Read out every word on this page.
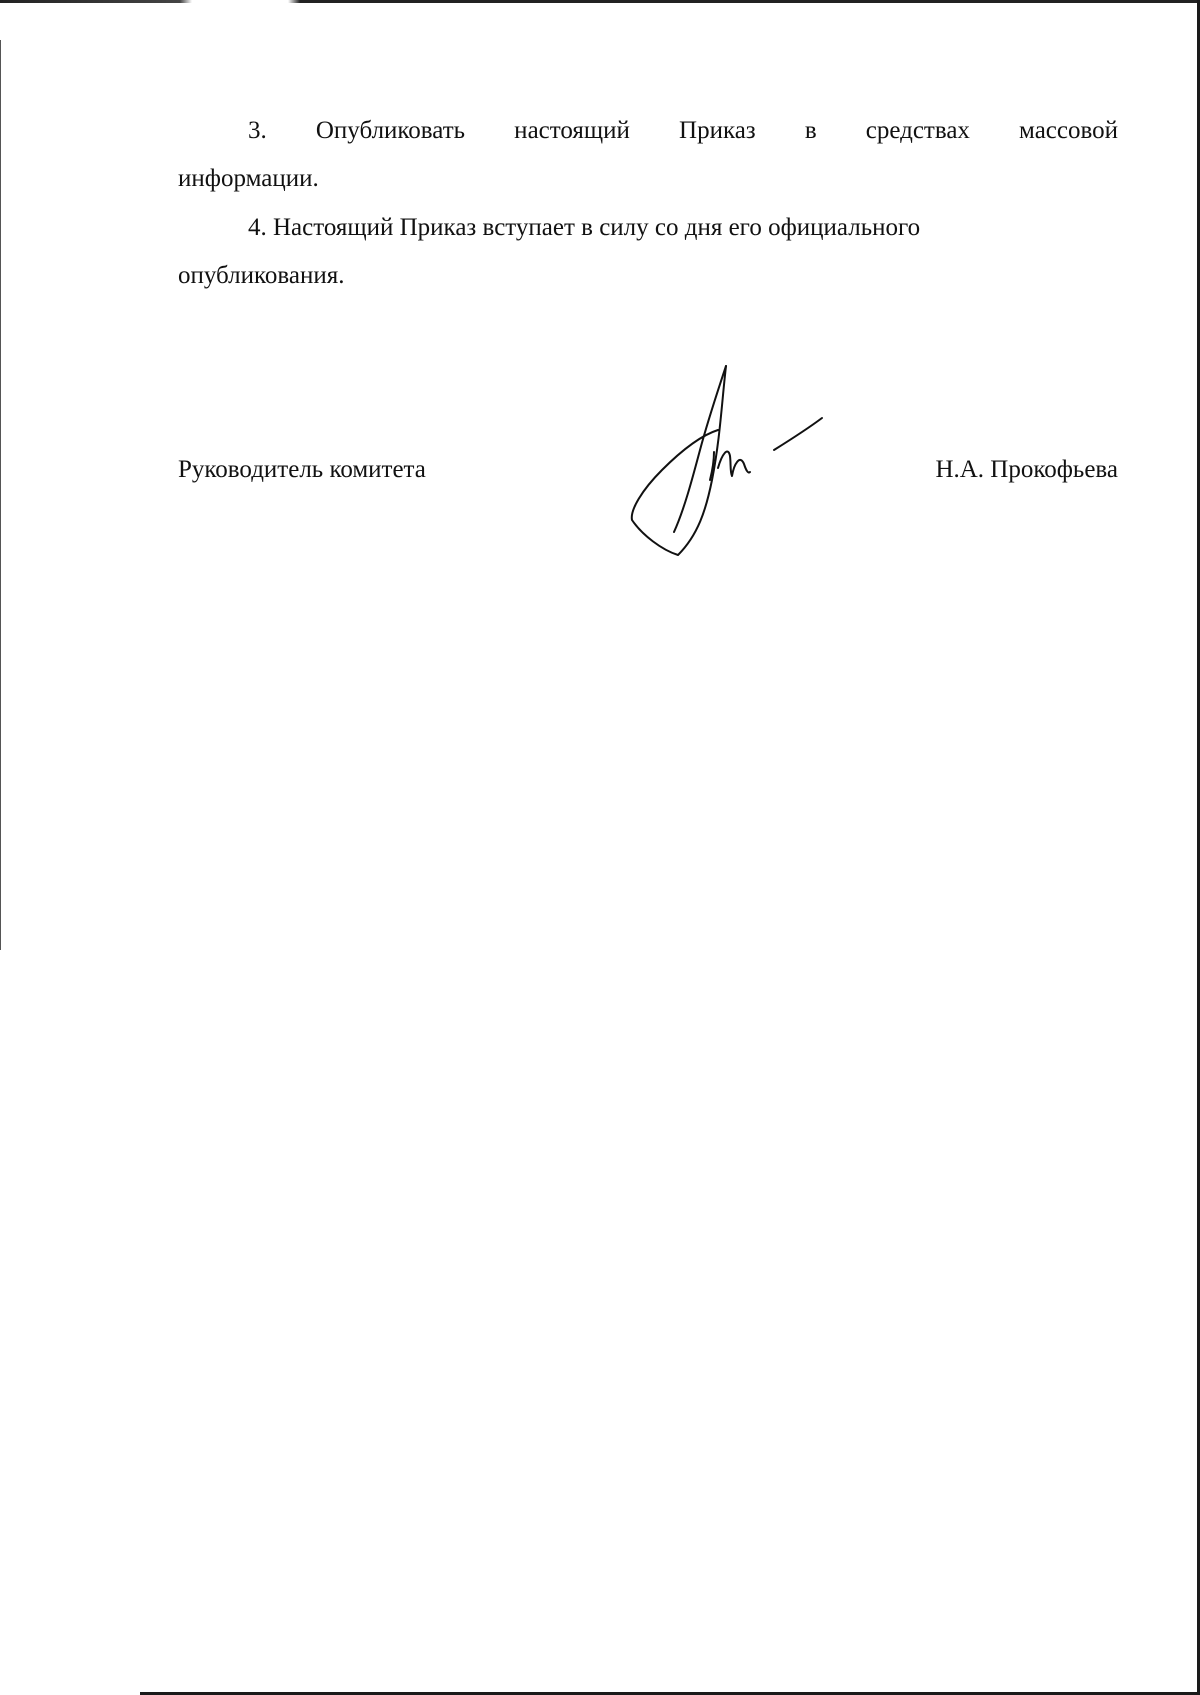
3. Опубликовать настоящий Приказ в средствах массовой
информации.

4. Настоящий Приказ вступает в силу со дня его официального
опубликования.

Руководитель комитета	Н.А. Прокофьева
